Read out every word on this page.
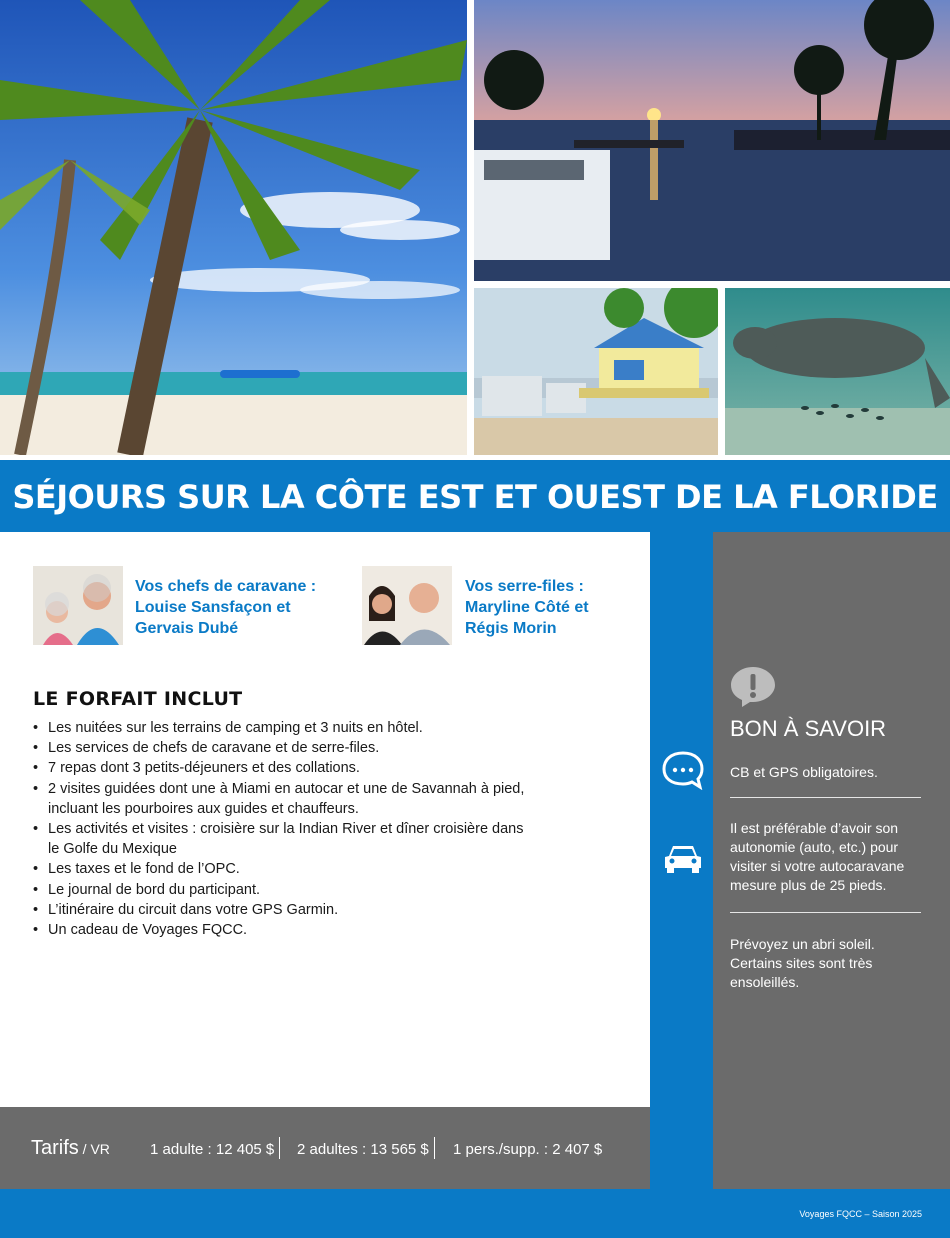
SÉJOURS SUR LA CÔTE EST ET OUEST DE LA FLORIDE
Vos chefs de caravane :
Louise Sansfaçon et
Gervais Dubé
Vos serre-files :
Maryline Côté et
Régis Morin
LE FORFAIT INCLUT
• Les nuitées sur les terrains de camping et 3 nuits en hôtel.
• Les services de chefs de caravane et de serre-files.
• 7 repas dont 3 petits-déjeuners et des collations.
• 2 visites guidées dont une à Miami en autocar et une de Savannah à pied, incluant les pourboires aux guides et chauffeurs.
• Les activités et visites : croisière sur la Indian River et dîner croisière dans le Golfe du Mexique
• Les taxes et le fond de l’OPC.
• Le journal de bord du participant.
• L’itinéraire du circuit dans votre GPS Garmin.
• Un cadeau de Voyages FQCC.
Tarifs / VR	1 adulte : 12 405 $ 2 adultes : 13 565 $ 1 pers./supp. : 2 407 $
BON À SAVOIR
CB et GPS obligatoires.
Il est préférable d’avoir son autonomie (auto, etc.) pour visiter si votre autocaravane mesure plus de 25 pieds.
Prévoyez un abri soleil. Certains sites sont très ensoleillés.
Voyages FQCC – Saison 2025
